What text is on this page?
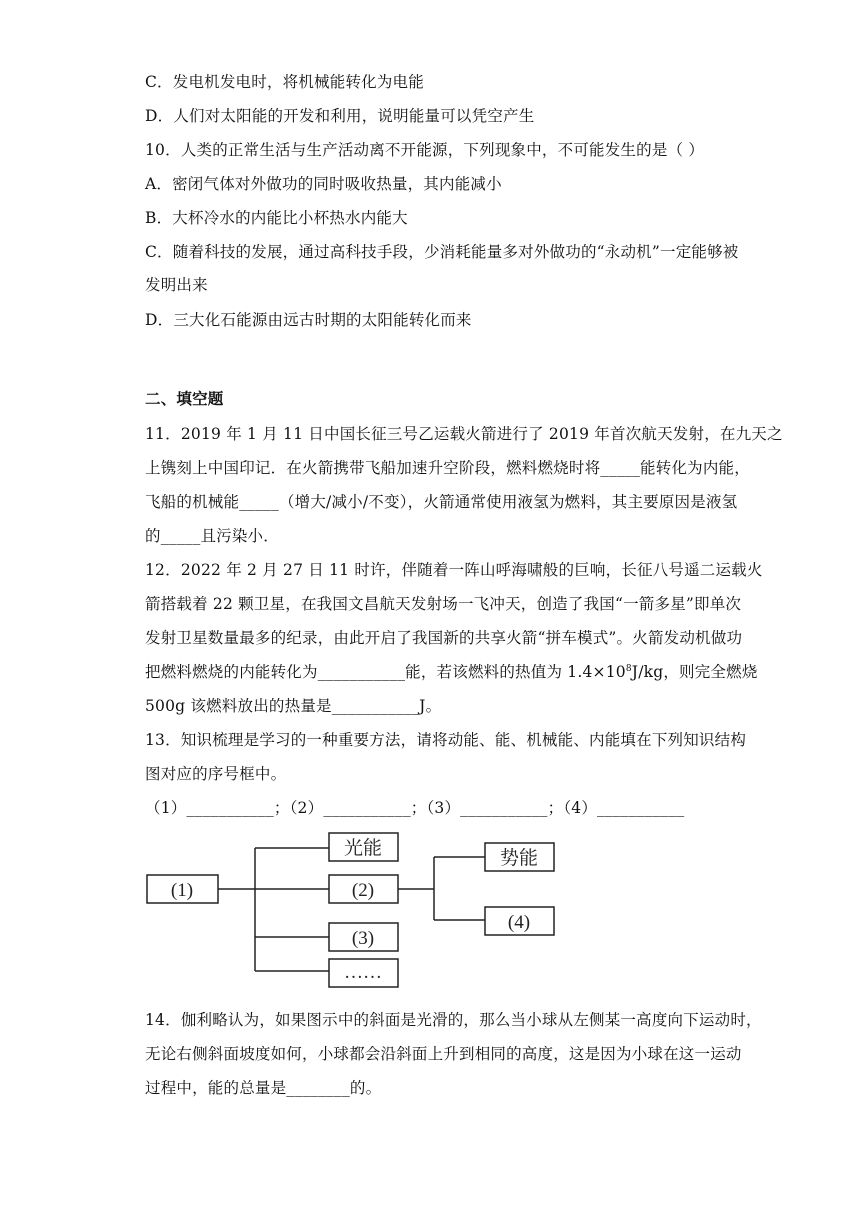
C．发电机发电时，将机械能转化为电能
D．人们对太阳能的开发和利用，说明能量可以凭空产生
10．人类的正常生活与生产活动离不开能源，下列现象中，不可能发生的是（ ）
A．密闭气体对外做功的同时吸收热量，其内能减小
B．大杯冷水的内能比小杯热水内能大
C．随着科技的发展，通过高科技手段，少消耗能量多对外做功的“永动机”一定能够被
发明出来
D．三大化石能源由远古时期的太阳能转化而来
二、填空题
11．2019 年 1 月 11 日中国长征三号乙运载火箭进行了 2019 年首次航天发射，在九天之
上镌刻上中国印记．在火箭携带飞船加速升空阶段，燃料燃烧时将_____能转化为内能，
飞船的机械能_____（增大/减小/不变），火箭通常使用液氢为燃料，其主要原因是液氢
的_____且污染小．
12．2022 年 2 月 27 日 11 时许，伴随着一阵山呼海啸般的巨响，长征八号遥二运载火
箭搭载着 22 颗卫星，在我国文昌航天发射场一飞冲天，创造了我国“一箭多星”即单次
发射卫星数量最多的纪录，由此开启了我国新的共享火箭“拼车模式”。火箭发动机做功
把燃料燃烧的内能转化为___________能，若该燃料的热值为 $1.4\times 10^8J/kg$，则完全燃烧
500g 该燃料放出的热量是___________J。
13．知识梳理是学习的一种重要方法，请将动能、能、机械能、内能填在下列知识结构
图对应的序号框中。
（1）___________；（2）___________；（3）___________；（4）___________
(1)
光能
(2)
(3)
……
势能
(4)
14．伽利略认为，如果图示中的斜面是光滑的，那么当小球从左侧某一高度向下运动时，
无论右侧斜面坡度如何，小球都会沿斜面上升到相同的高度，这是因为小球在这一运动
过程中，能的总量是________的。
